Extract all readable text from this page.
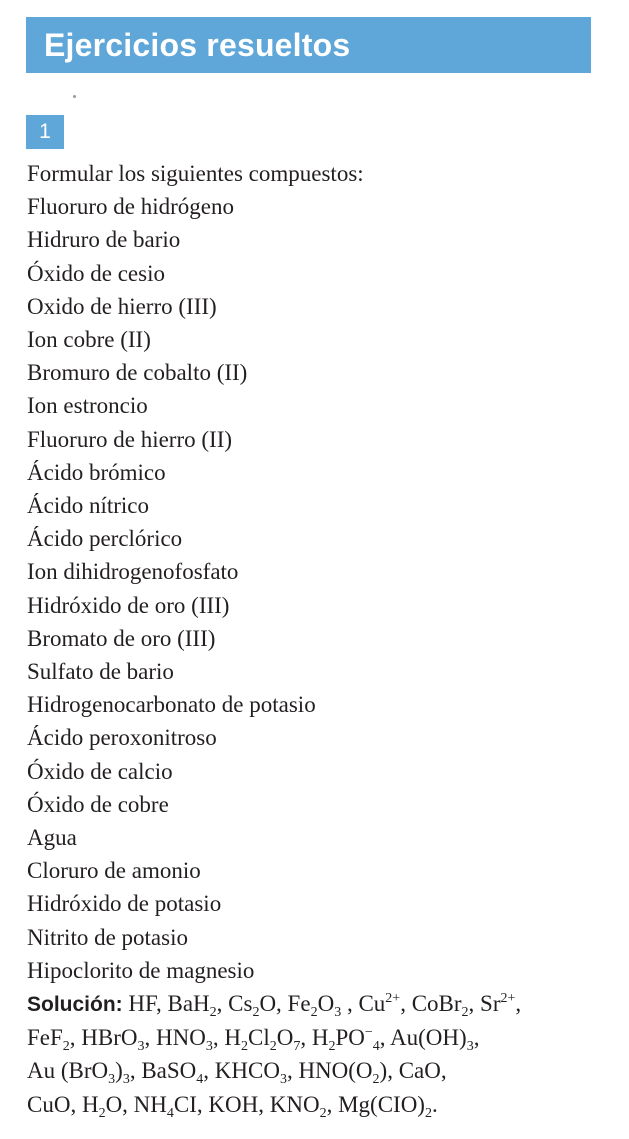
Ejercicios resueltos
1
Formular los siguientes compuestos:
Fluoruro de hidrógeno
Hidruro de bario
Óxido de cesio
Oxido de hierro (III)
Ion cobre (II)
Bromuro de cobalto (II)
Ion estroncio
Fluoruro de hierro (II)
Ácido brómico
Ácido nítrico
Ácido perclórico
Ion dihidrogenofosfato
Hidróxido de oro (III)
Bromato de oro (III)
Sulfato de bario
Hidrogenocarbonato de potasio
Ácido peroxonitroso
Óxido de calcio
Óxido de cobre
Agua
Cloruro de amonio
Hidróxido de potasio
Nitrito de potasio
Hipoclorito de magnesio
Solución: HF, BaH$_2$, $Cs_2O$, $Fe_2O_3$ , $Cu^{2+}$, CoBr$_2$, $Sr^{2+}$,
FeF$_2$, HBrO$_3$, $HNO_3$, $H_2Cl_2O_7$, $H_2PO^-_4$, $Au(OH)_3$,
Au $(BrO_3)_3$, BaSO$_4$, $KHCO_3$, $HNO(O_2)$, CaO,
CuO, $H_2O$, $NH_4CI$, KOH, $KNO_2$, $Mg(CIO)_2$.
